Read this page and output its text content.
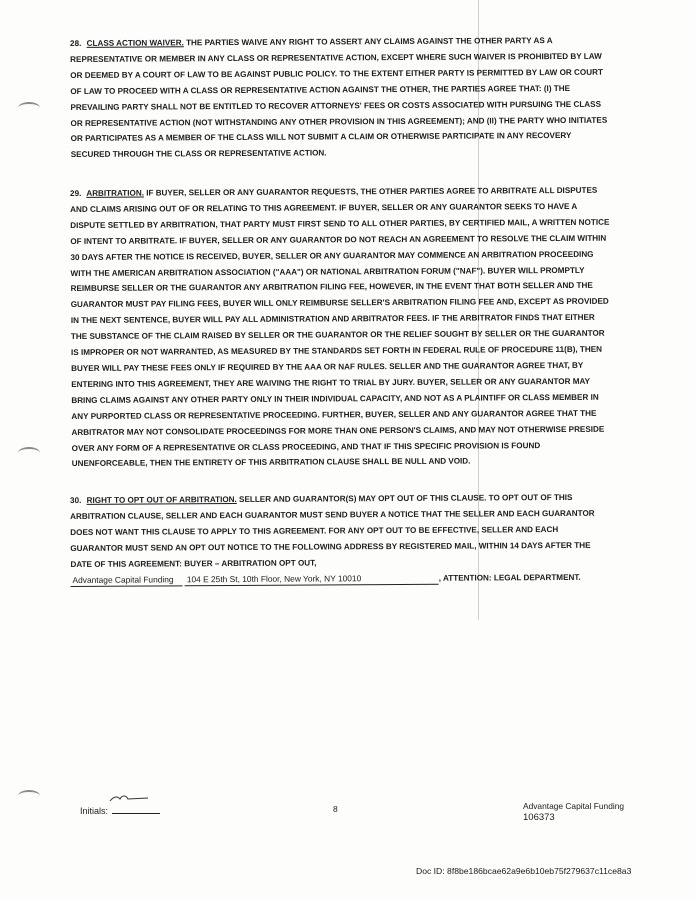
28. CLASS ACTION WAIVER. THE PARTIES WAIVE ANY RIGHT TO ASSERT ANY CLAIMS AGAINST THE OTHER PARTY AS A REPRESENTATIVE OR MEMBER IN ANY CLASS OR REPRESENTATIVE ACTION, EXCEPT WHERE SUCH WAIVER IS PROHIBITED BY LAW OR DEEMED BY A COURT OF LAW TO BE AGAINST PUBLIC POLICY. TO THE EXTENT EITHER PARTY IS PERMITTED BY LAW OR COURT OF LAW TO PROCEED WITH A CLASS OR REPRESENTATIVE ACTION AGAINST THE OTHER, THE PARTIES AGREE THAT: (I) THE PREVAILING PARTY SHALL NOT BE ENTITLED TO RECOVER ATTORNEYS' FEES OR COSTS ASSOCIATED WITH PURSUING THE CLASS OR REPRESENTATIVE ACTION (NOT WITHSTANDING ANY OTHER PROVISION IN THIS AGREEMENT); AND (II) THE PARTY WHO INITIATES OR PARTICIPATES AS A MEMBER OF THE CLASS WILL NOT SUBMIT A CLAIM OR OTHERWISE PARTICIPATE IN ANY RECOVERY SECURED THROUGH THE CLASS OR REPRESENTATIVE ACTION.
29. ARBITRATION. IF BUYER, SELLER OR ANY GUARANTOR REQUESTS, THE OTHER PARTIES AGREE TO ARBITRATE ALL DISPUTES AND CLAIMS ARISING OUT OF OR RELATING TO THIS AGREEMENT. IF BUYER, SELLER OR ANY GUARANTOR SEEKS TO HAVE A DISPUTE SETTLED BY ARBITRATION, THAT PARTY MUST FIRST SEND TO ALL OTHER PARTIES, BY CERTIFIED MAIL, A WRITTEN NOTICE OF INTENT TO ARBITRATE. IF BUYER, SELLER OR ANY GUARANTOR DO NOT REACH AN AGREEMENT TO RESOLVE THE CLAIM WITHIN 30 DAYS AFTER THE NOTICE IS RECEIVED, BUYER, SELLER OR ANY GUARANTOR MAY COMMENCE AN ARBITRATION PROCEEDING WITH THE AMERICAN ARBITRATION ASSOCIATION ("AAA") OR NATIONAL ARBITRATION FORUM ("NAF"). BUYER WILL PROMPTLY REIMBURSE SELLER OR THE GUARANTOR ANY ARBITRATION FILING FEE, HOWEVER, IN THE EVENT THAT BOTH SELLER AND THE GUARANTOR MUST PAY FILING FEES, BUYER WILL ONLY REIMBURSE SELLER'S ARBITRATION FILING FEE AND, EXCEPT AS PROVIDED IN THE NEXT SENTENCE, BUYER WILL PAY ALL ADMINISTRATION AND ARBITRATOR FEES. IF THE ARBITRATOR FINDS THAT EITHER THE SUBSTANCE OF THE CLAIM RAISED BY SELLER OR THE GUARANTOR OR THE RELIEF SOUGHT BY SELLER OR THE GUARANTOR IS IMPROPER OR NOT WARRANTED, AS MEASURED BY THE STANDARDS SET FORTH IN FEDERAL RULE OF PROCEDURE 11(B), THEN BUYER WILL PAY THESE FEES ONLY IF REQUIRED BY THE AAA OR NAF RULES. SELLER AND THE GUARANTOR AGREE THAT, BY ENTERING INTO THIS AGREEMENT, THEY ARE WAIVING THE RIGHT TO TRIAL BY JURY. BUYER, SELLER OR ANY GUARANTOR MAY BRING CLAIMS AGAINST ANY OTHER PARTY ONLY IN THEIR INDIVIDUAL CAPACITY, AND NOT AS A PLAINTIFF OR CLASS MEMBER IN ANY PURPORTED CLASS OR REPRESENTATIVE PROCEEDING. FURTHER, BUYER, SELLER AND ANY GUARANTOR AGREE THAT THE ARBITRATOR MAY NOT CONSOLIDATE PROCEEDINGS FOR MORE THAN ONE PERSON'S CLAIMS, AND MAY NOT OTHERWISE PRESIDE OVER ANY FORM OF A REPRESENTATIVE OR CLASS PROCEEDING, AND THAT IF THIS SPECIFIC PROVISION IS FOUND UNENFORCEABLE, THEN THE ENTIRETY OF THIS ARBITRATION CLAUSE SHALL BE NULL AND VOID.
30. RIGHT TO OPT OUT OF ARBITRATION. SELLER AND GUARANTOR(S) MAY OPT OUT OF THIS CLAUSE. TO OPT OUT OF THIS ARBITRATION CLAUSE, SELLER AND EACH GUARANTOR MUST SEND BUYER A NOTICE THAT THE SELLER AND EACH GUARANTOR DOES NOT WANT THIS CLAUSE TO APPLY TO THIS AGREEMENT. FOR ANY OPT OUT TO BE EFFECTIVE, SELLER AND EACH GUARANTOR MUST SEND AN OPT OUT NOTICE TO THE FOLLOWING ADDRESS BY REGISTERED MAIL, WITHIN 14 DAYS AFTER THE DATE OF THIS AGREEMENT: BUYER – ARBITRATION OPT OUT,
Advantage Capital Funding 104 E 25th St, 10th Floor, New York, NY 10010	, ATTENTION: LEGAL DEPARTMENT.
Initials:	8	Advantage Capital Funding
106373
Doc ID: 8f8be186bcae62a9e6b10eb75f279637c11ce8a3
